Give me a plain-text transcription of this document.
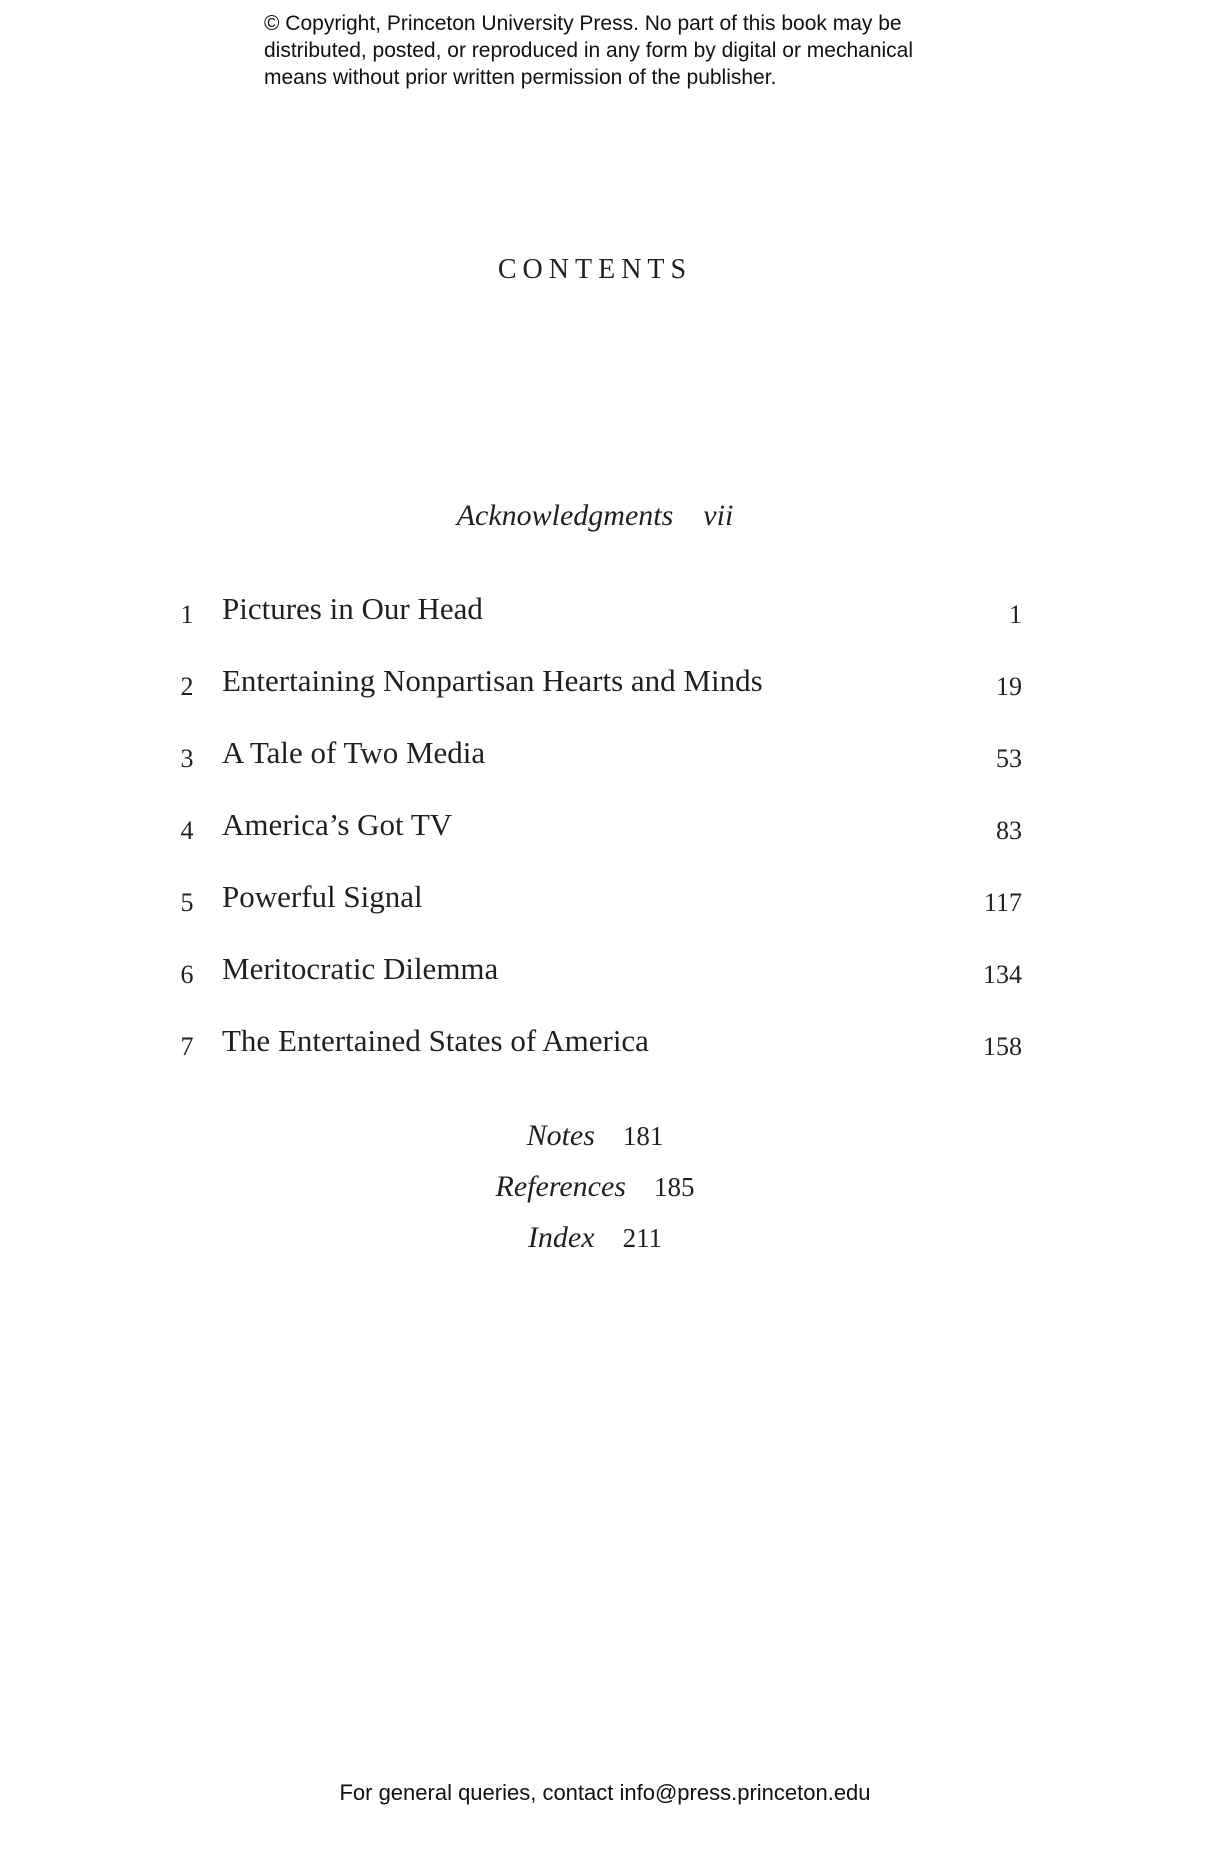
© Copyright, Princeton University Press. No part of this book may be
distributed, posted, or reproduced in any form by digital or mechanical
means without prior written permission of the publisher.

CONTENTS
Acknowledgments vii
1 Pictures in Our Head	1
2 Entertaining Nonpartisan Hearts and Minds	19
3 A Tale of Two Media	53
4 America’s Got TV	83
5 Powerful Signal	117
6 Meritocratic Dilemma	134
7 The Entertained States of America	158
Notes 181
References 185
Index 211

For general queries, contact info@press.princeton.edu
